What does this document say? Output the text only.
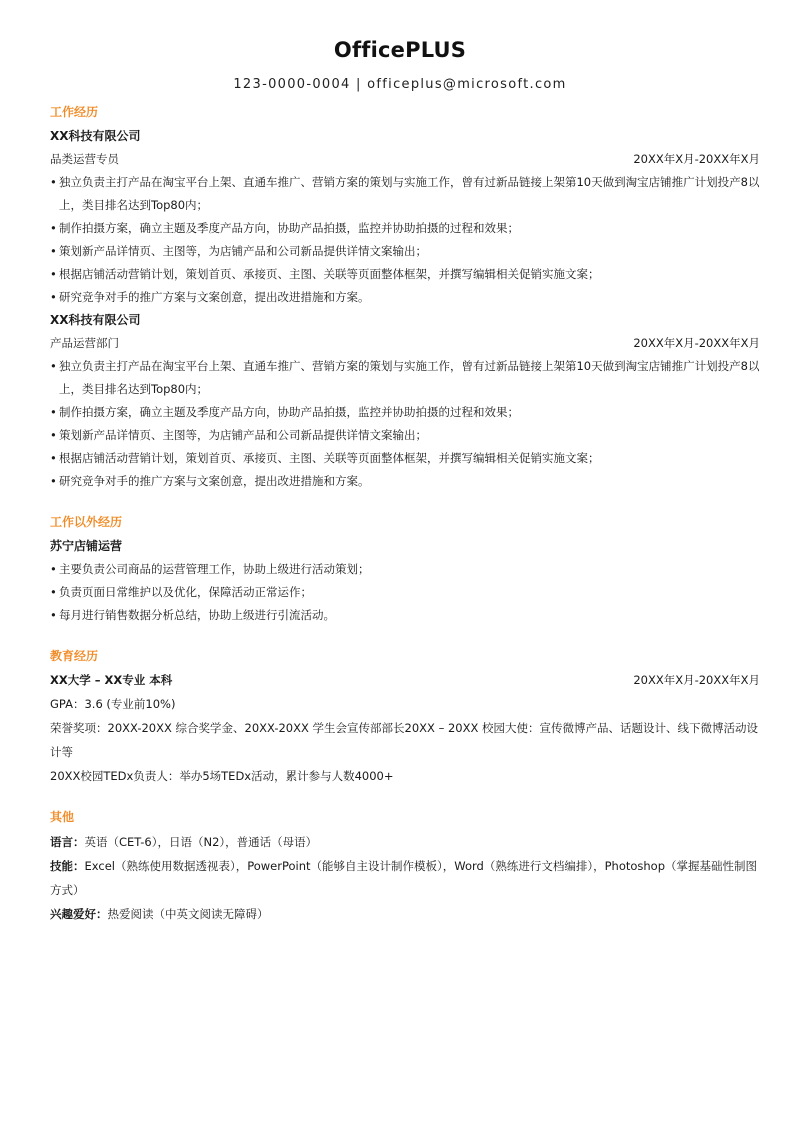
OfficePLUS
123-0000-0004 | officeplus@microsoft.com
工作经历
XX科技有限公司
品类运营专员	20XX年X月-20XX年X月
• 独立负责主打产品在淘宝平台上架、直通车推广、营销方案的策划与实施工作，曾有过新品链接上架第10天做到淘宝店铺推广计划投产8以上，类目排名达到Top80内；
• 制作拍摄方案，确立主题及季度产品方向，协助产品拍摄，监控并协助拍摄的过程和效果；
• 策划新产品详情页、主图等，为店铺产品和公司新品提供详情文案输出；
• 根据店铺活动营销计划，策划首页、承接页、主图、关联等页面整体框架，并撰写编辑相关促销实施文案；
• 研究竞争对手的推广方案与文案创意，提出改进措施和方案。
XX科技有限公司
产品运营部门	20XX年X月-20XX年X月
• 独立负责主打产品在淘宝平台上架、直通车推广、营销方案的策划与实施工作，曾有过新品链接上架第10天做到淘宝店铺推广计划投产8以上，类目排名达到Top80内；
• 制作拍摄方案，确立主题及季度产品方向，协助产品拍摄，监控并协助拍摄的过程和效果；
• 策划新产品详情页、主图等，为店铺产品和公司新品提供详情文案输出；
• 根据店铺活动营销计划，策划首页、承接页、主图、关联等页面整体框架，并撰写编辑相关促销实施文案；
• 研究竞争对手的推广方案与文案创意，提出改进措施和方案。
工作以外经历
苏宁店铺运营
• 主要负责公司商品的运营管理工作，协助上级进行活动策划；
• 负责页面日常维护以及优化，保障活动正常运作；
• 每月进行销售数据分析总结，协助上级进行引流活动。
教育经历
XX大学 – XX专业 本科	20XX年X月-20XX年X月
GPA：3.6 (专业前10%)
荣誉奖项：20XX-20XX 综合奖学金、20XX-20XX 学生会宣传部部长20XX – 20XX 校园大使：宣传微博产品、话题设计、线下微博活动设计等
20XX校园TEDx负责人：举办5场TEDx活动，累计参与人数4000+
其他
语言：英语（CET-6），日语（N2），普通话（母语）
技能：Excel（熟练使用数据透视表），PowerPoint（能够自主设计制作模板），Word（熟练进行文档编排），Photoshop（掌握基础性制图方式）
兴趣爱好：热爱阅读（中英文阅读无障碍）
